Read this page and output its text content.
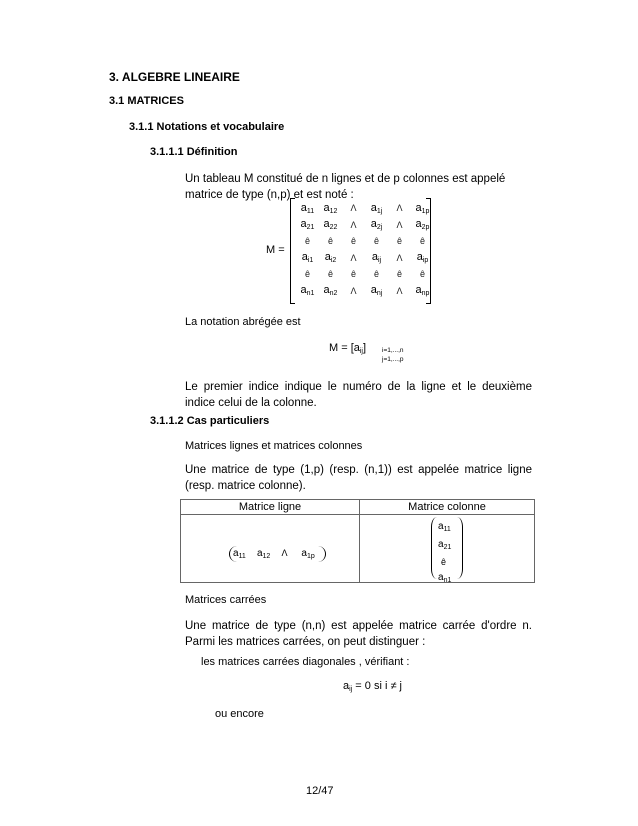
3. ALGEBRE LINEAIRE
3.1 MATRICES
3.1.1 Notations et vocabulaire
3.1.1.1 Définition
Un tableau M constitué de n lignes et de p colonnes est appelé matrice de type (n,p) et est noté :
M =
$a_{11}$	$a_{12}$	Λ	$a_{1j}$	Λ	$a_{1p}$
$a_{21}$	$a_{22}$	Λ	$a_{2j}$	Λ	$a_{2p}$
ê	ê	ê	ê	ê	ê
$a_{i1}$	$a_{i2}$	Λ	$a_{ij}$	Λ	$a_{ip}$
ê	ê	ê	ê	ê	ê
$a_{n1}$	$a_{n2}$	Λ	$a_{nj}$	Λ	$a_{np}$
La notation abrégée est
$M = [a_{ij}]$ i=1,...,n
j=1,...,p
Le premier indice indique le numéro de la ligne et le deuxième indice celui de la colonne.
3.1.1.2 Cas particuliers
Matrices lignes et matrices colonnes
Une matrice de type (1,p) (resp. (n,1)) est appelée matrice ligne (resp. matrice colonne).
Matrice ligne	Matrice colonne

$a_{11}$ $a_{12}$ Λ $a_{1p}$	$a_{11}$
$a_{21}$
ê
$a_{n1}$
Matrices carrées
Une matrice de type (n,n) est appelée matrice carrée d'ordre n. Parmi les matrices carrées, on peut distinguer :
les matrices carrées diagonales , vérifiant :
$a_{ij} = 0$ si i ≠ j
ou encore
12/47
